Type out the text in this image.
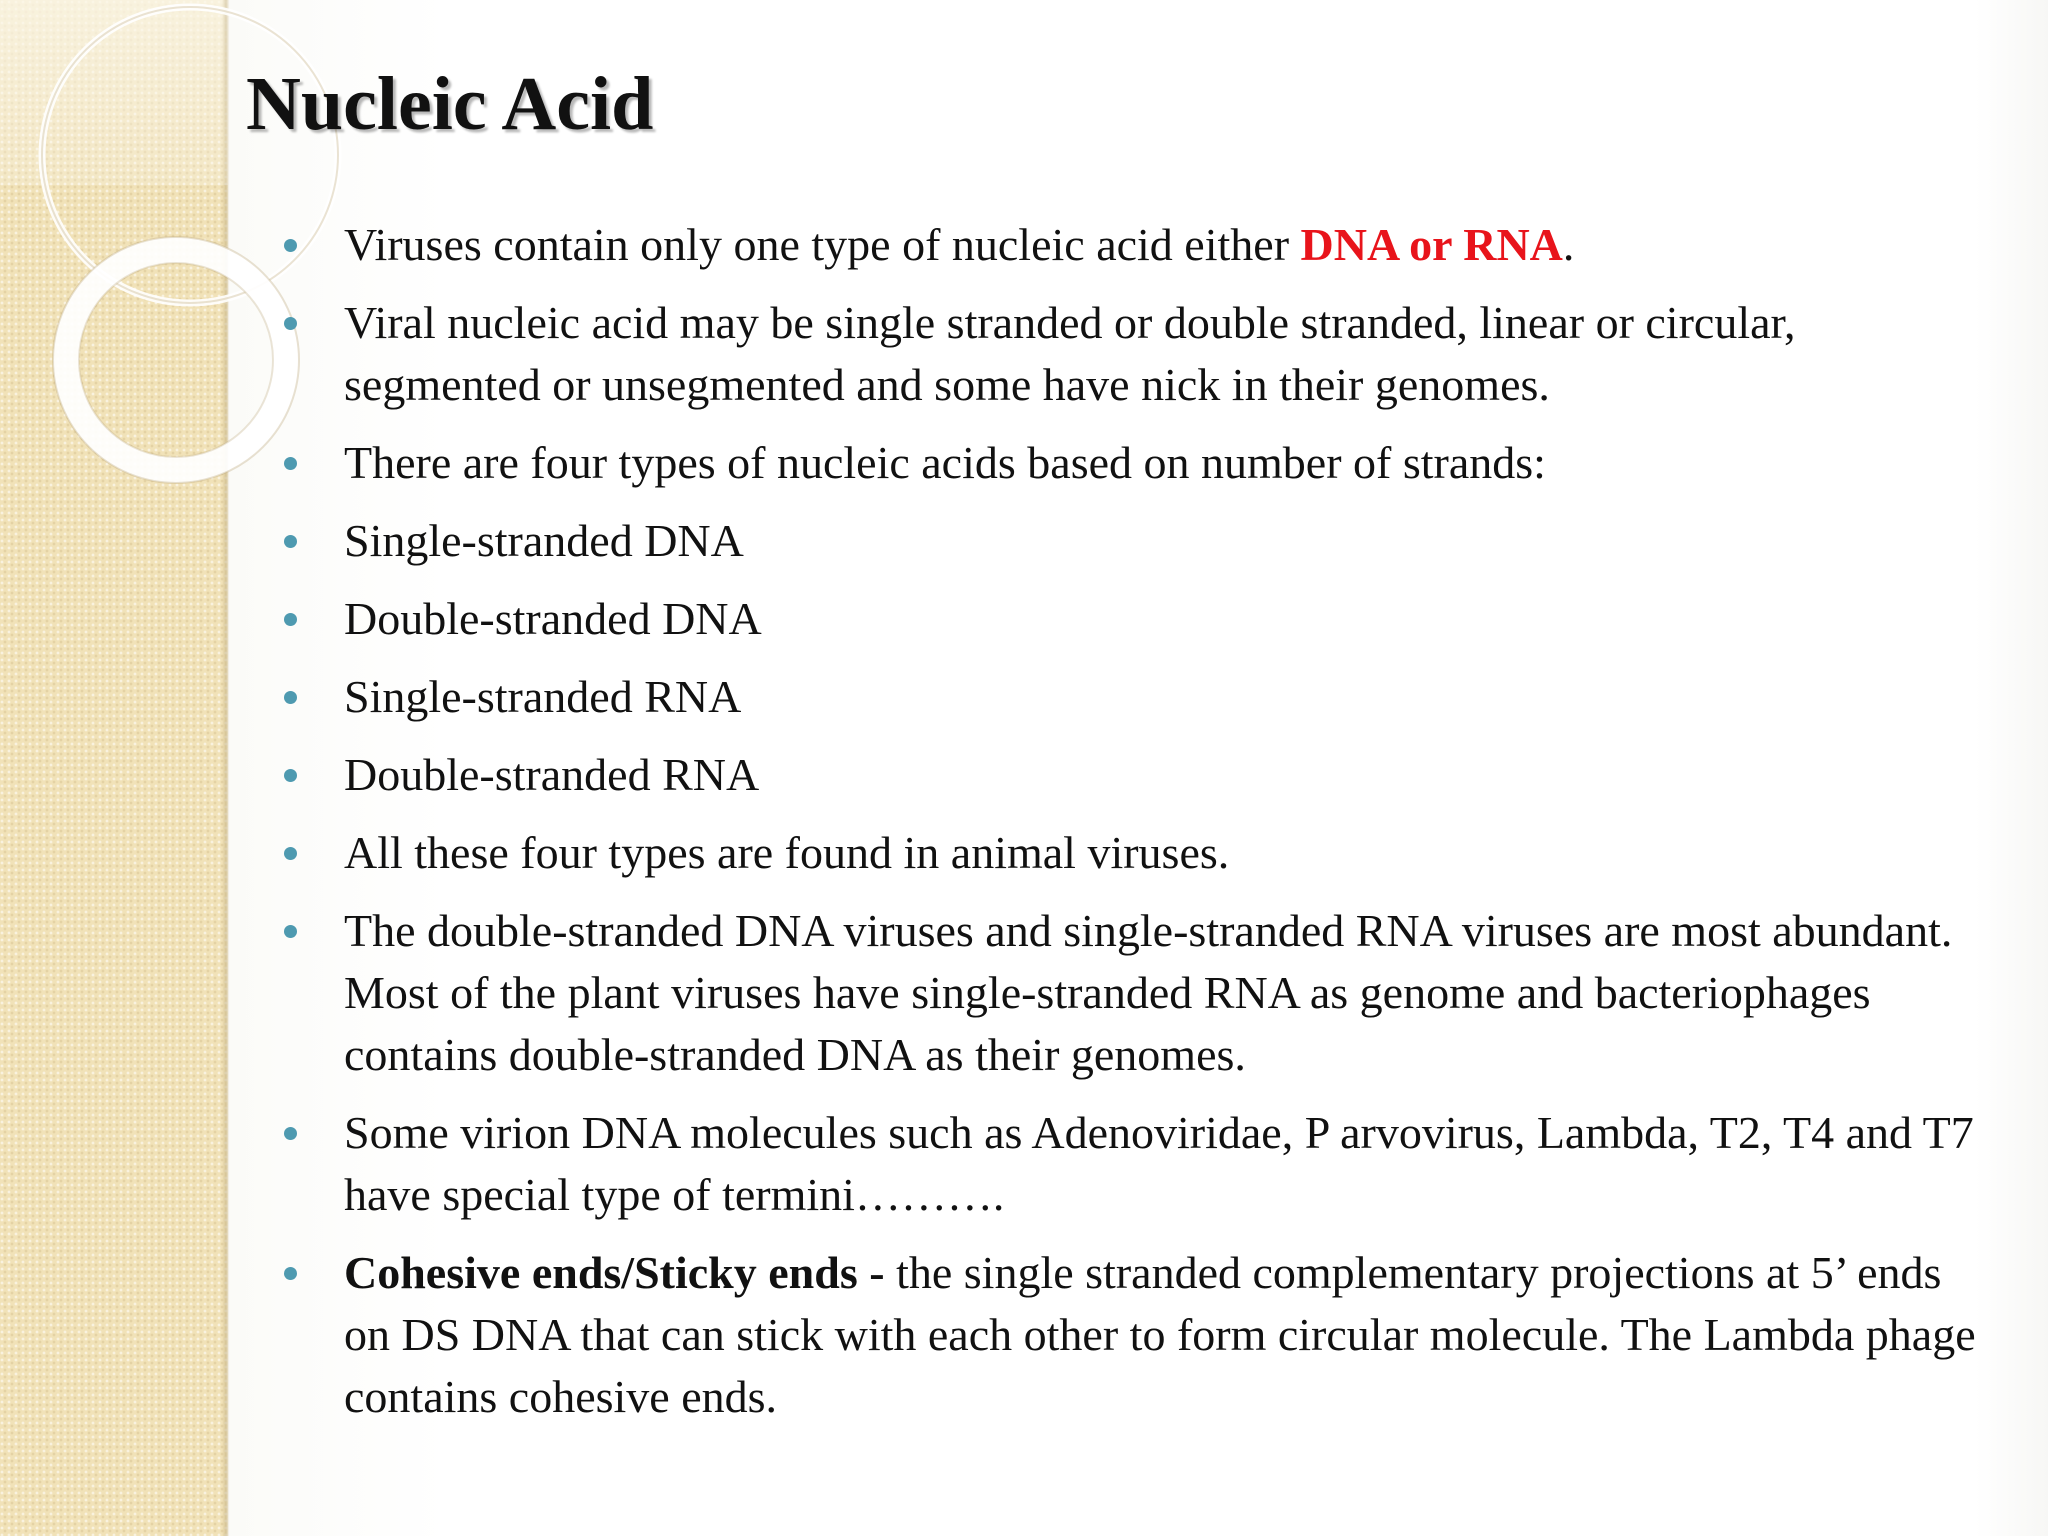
Nucleic Acid
Viruses contain only one type of nucleic acid either DNA or RNA.
Viral nucleic acid may be single stranded or double stranded, linear or circular, segmented or unsegmented and some have nick in their genomes.
There are four types of nucleic acids based on number of strands:
Single-stranded DNA
Double-stranded DNA
Single-stranded RNA
Double-stranded RNA
All these four types are found in animal viruses.
The double-stranded DNA viruses and single-stranded RNA viruses are most abundant. Most of the plant viruses have single-stranded RNA as genome and bacteriophages contains double-stranded DNA as their genomes.
Some virion DNA molecules such as Adenoviridae, P arvovirus, Lambda, T2, T4 and T7 have special type of termini……….
Cohesive ends/Sticky ends - the single stranded complementary projections at 5’ ends on DS DNA that can stick with each other to form circular molecule. The Lambda phage contains cohesive ends.
